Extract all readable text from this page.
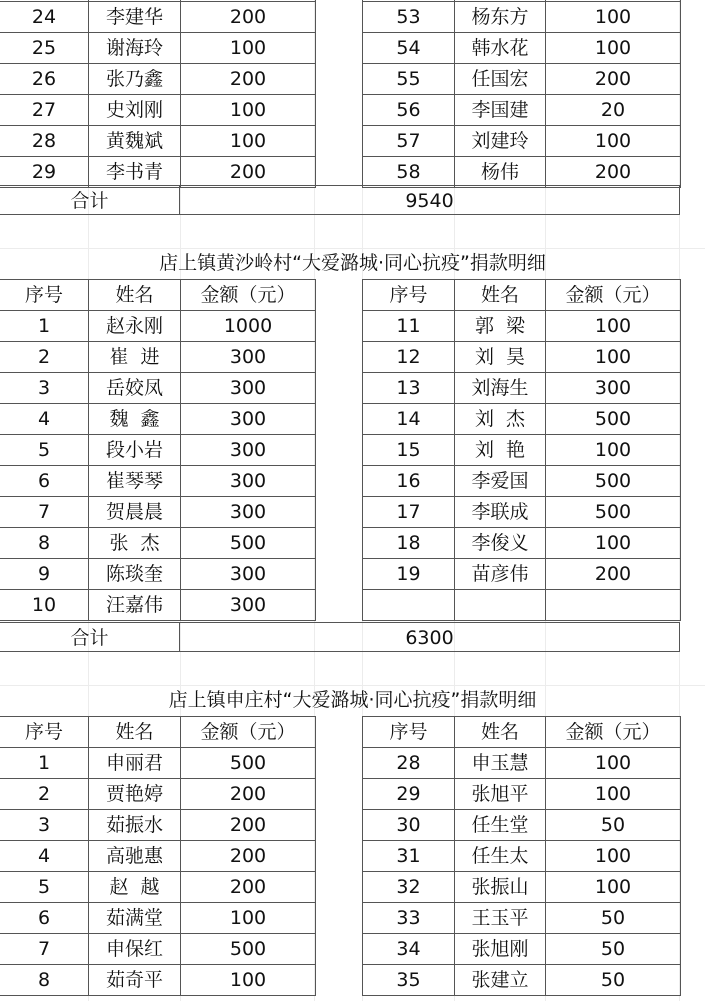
24	李建华	200
25	谢海玲	100
26	张乃鑫	200
27	史刘刚	100
28	黄魏斌	100
29	李书青	200

53	杨东方	100
54	韩水花	100
55	任国宏	200
56	李国建	20
57	刘建玲	100
58	杨伟	200
合计	9540
店上镇黄沙岭村“大爱潞城·同心抗疫”捐款明细
序号	姓名	金额（元）
1	赵永刚	1000
2	崔  进	300
3	岳姣凤	300
4	魏  鑫	300
5	段小岩	300
6	崔琴琴	300
7	贺晨晨	300
8	张  杰	500
9	陈琰奎	300
10	汪嘉伟	300
序号	姓名	金额（元）
11	郭  梁	100
12	刘  昊	100
13	刘海生	300
14	刘  杰	500
15	刘  艳	100
16	李爱国	500
17	李联成	500
18	李俊义	100
19	苗彦伟	200

合计	6300
店上镇申庄村“大爱潞城·同心抗疫”捐款明细
序号	姓名	金额（元）
1	申丽君	500
2	贾艳婷	200
3	茹振水	200
4	高驰惠	200
5	赵  越	200
6	茹满堂	100
7	申保红	500
8	茹奇平	100
序号	姓名	金额（元）
28	申玉慧	100
29	张旭平	100
30	任生堂	50
31	任生太	100
32	张振山	100
33	王玉平	50
34	张旭刚	50
35	张建立	50
